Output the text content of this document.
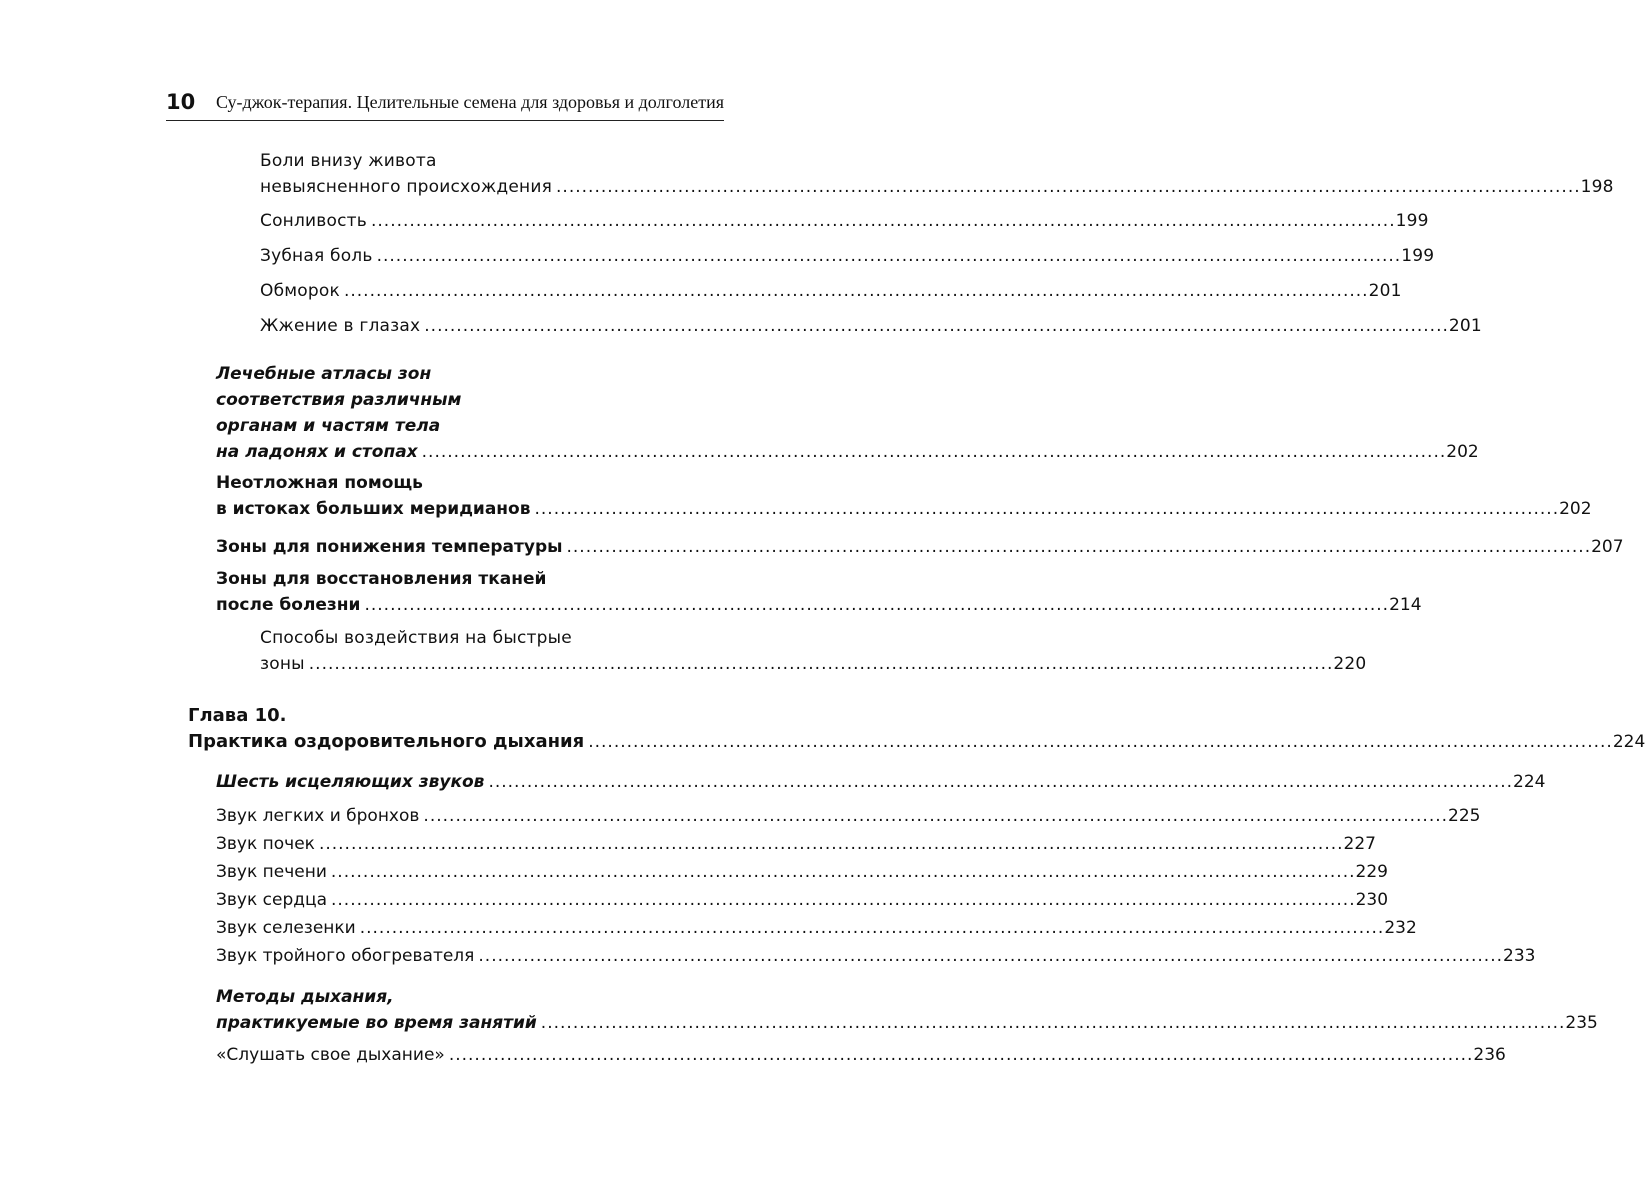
10 Су-джок-терапия. Целительные семена для здоровья и долголетия
Боли внизу живота
невыясненного происхождения ................................................................................................................................................................ 198
Сонливость ................................................................................................................................................................ 199
Зубная боль ................................................................................................................................................................ 199
Обморок ................................................................................................................................................................ 201
Жжение в глазах ................................................................................................................................................................ 201
Лечебные атласы зон
соответствия различным
органам и частям тела
на ладонях и стопах ................................................................................................................................................................ 202
Неотложная помощь
в истоках больших меридианов ................................................................................................................................................................ 202
Зоны для понижения температуры ................................................................................................................................................................ 207
Зоны для восстановления тканей
после болезни ................................................................................................................................................................ 214
Способы воздействия на быстрые
зоны ................................................................................................................................................................ 220
Глава 10.
Практика оздоровительного дыхания ................................................................................................................................................................ 224
Шесть исцеляющих звуков ................................................................................................................................................................ 224
Звук легких и бронхов ................................................................................................................................................................ 225
Звук почек ................................................................................................................................................................ 227
Звук печени ................................................................................................................................................................ 229
Звук сердца ................................................................................................................................................................ 230
Звук селезенки ................................................................................................................................................................ 232
Звук тройного обогревателя ................................................................................................................................................................ 233
Методы дыхания,
практикуемые во время занятий ................................................................................................................................................................ 235
«Слушать свое дыхание» ................................................................................................................................................................ 236
